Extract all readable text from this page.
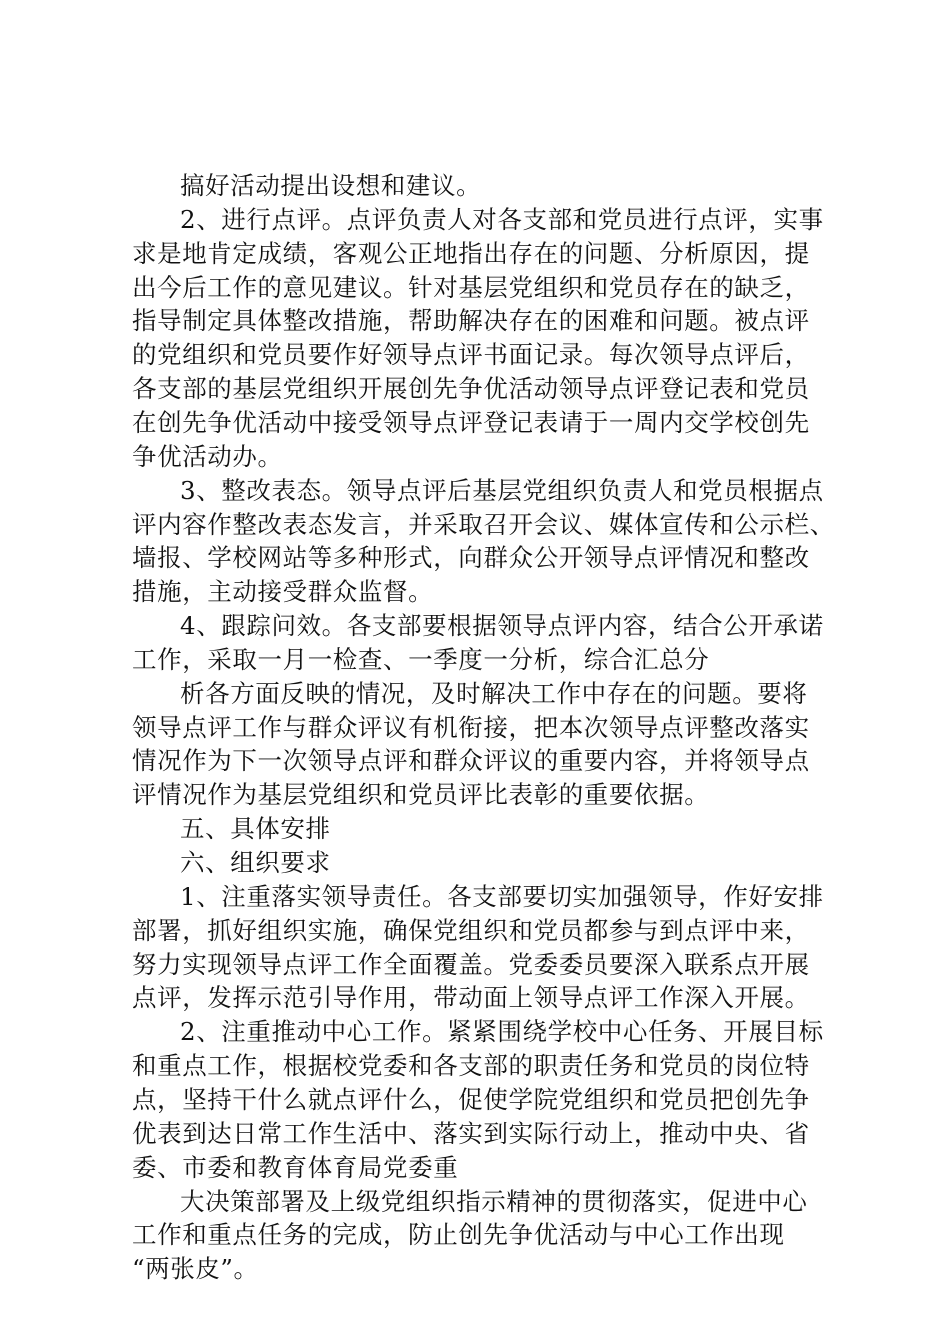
搞好活动提出设想和建议。
2、进行点评。点评负责人对各支部和党员进行点评，实事
求是地肯定成绩，客观公正地指出存在的问题、分析原因，提
出今后工作的意见建议。针对基层党组织和党员存在的缺乏，
指导制定具体整改措施，帮助解决存在的困难和问题。被点评
的党组织和党员要作好领导点评书面记录。每次领导点评后，
各支部的基层党组织开展创先争优活动领导点评登记表和党员
在创先争优活动中接受领导点评登记表请于一周内交学校创先
争优活动办。
3、整改表态。领导点评后基层党组织负责人和党员根据点
评内容作整改表态发言，并采取召开会议、媒体宣传和公示栏、
墙报、学校网站等多种形式，向群众公开领导点评情况和整改
措施，主动接受群众监督。
4、跟踪问效。各支部要根据领导点评内容，结合公开承诺
工作，采取一月一检查、一季度一分析，综合汇总分
析各方面反映的情况，及时解决工作中存在的问题。要将
领导点评工作与群众评议有机衔接，把本次领导点评整改落实
情况作为下一次领导点评和群众评议的重要内容，并将领导点
评情况作为基层党组织和党员评比表彰的重要依据。
五、具体安排
六、组织要求
1、注重落实领导责任。各支部要切实加强领导，作好安排
部署，抓好组织实施，确保党组织和党员都参与到点评中来，
努力实现领导点评工作全面覆盖。党委委员要深入联系点开展
点评，发挥示范引导作用，带动面上领导点评工作深入开展。
2、注重推动中心工作。紧紧围绕学校中心任务、开展目标
和重点工作，根据校党委和各支部的职责任务和党员的岗位特
点，坚持干什么就点评什么，促使学院党组织和党员把创先争
优表到达日常工作生活中、落实到实际行动上，推动中央、省
委、市委和教育体育局党委重
大决策部署及上级党组织指示精神的贯彻落实，促进中心
工作和重点任务的完成，防止创先争优活动与中心工作出现
“两张皮”。
